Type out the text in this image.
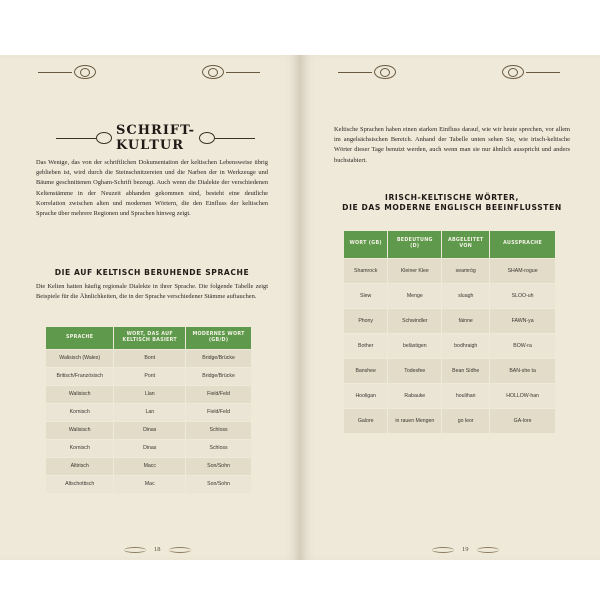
SCHRIFT-
KULTUR

Das Wenige, das von der schriftlichen Dokumentation der keltischen Lebensweise übrig geblieben ist, wird durch die Steinschnitzereien und die Narben der in Werkzeuge und Bäume geschnittenen Ogham-Schrift bezeugt. Auch wenn die Dialekte der verschiedenen Keltenstämme in der Neuzeit abhanden gekommen sind, besteht eine deutliche Korrelation zwischen alten und modernen Wörtern, die den Einfluss der keltischen Sprache über mehrere Regionen und Sprachen hinweg zeigt.

DIE AUF KELTISCH BERUHENDE SPRACHE

Die Kelten hatten häufig regionale Dialekte in ihrer Sprache. Die folgende Tabelle zeigt Beispiele für die Ähnlichkeiten, die in der Sprache verschiedener Stämme auftauchen.

SPRACHE	WORT, DAS AUF KELTISCH BASIERT	MODERNES WORT (GB/D)
Walisisch (Wales)	Bont	Bridge/Brücke
Britisch/Französisch	Pont	Bridge/Brücke
Walisisch	Llan	Field/Feld
Kornisch	Lan	Field/Feld
Walisisch	Dinas	Schloss
Kornisch	Dinas	Schloss
Altirisch	Macc	Son/Sohn
Altschottisch	Mac	Son/Sohn
18

Keltische Sprachen haben einen starken Einfluss darauf, wie wir heute sprechen, vor allem im angelsächsischen Bereich. Anhand der Tabelle unten sehen Sie, wie irisch-keltische Wörter dieser Tage benutzt werden, auch wenn man sie nur ähnlich ausspricht und anders buchstabiert.

IRISCH-KELTISCHE WÖRTER,
DIE DAS MODERNE ENGLISCH BEEINFLUSSTEN
WORT (GB)	BEDEUTUNG (D)	ABGELEITET VON	AUSSPRACHE
Shamrock	Kleiner Klee	seamróg	SHAM-rogue
Slew	Menge	sluagh	SLOO-uh
Phony	Schwindler	fáinne	FAWN-ya
Bother	belästigen	bodhraigh	BOW-ra
Banshee	Todesfee	Bean Sídhe	BAN-she ta
Hooligan	Rabauke	houlihan	HOLLOW-han
Galore	in rauen Mengen	go leor	GA-lore
19
